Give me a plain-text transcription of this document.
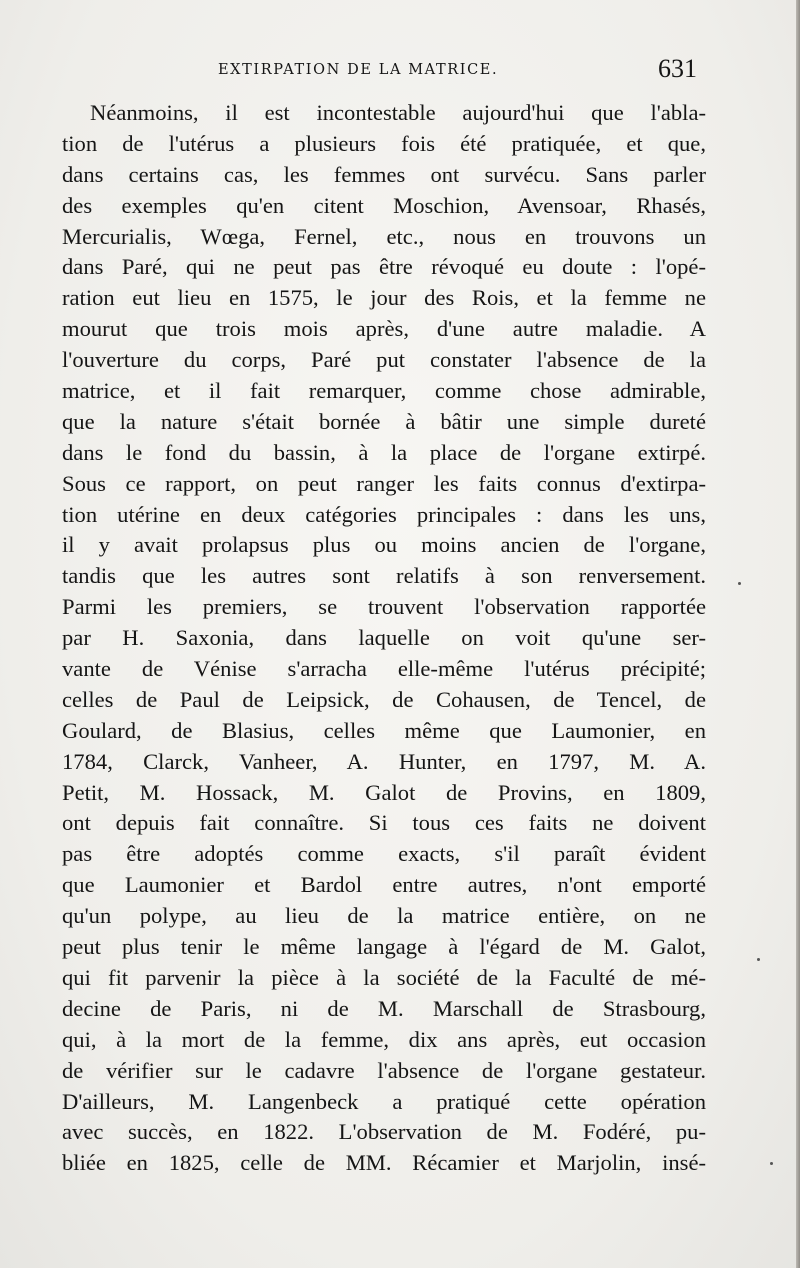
EXTIRPATION DE LA MATRICE.	631
Néanmoins, il est incontestable aujourd'hui que l'abla-
tion de l'utérus a plusieurs fois été pratiquée, et que,
dans certains cas, les femmes ont survécu. Sans parler
des exemples qu'en citent Moschion, Avensoar, Rhasés,
Mercurialis, Wœga, Fernel, etc., nous en trouvons un
dans Paré, qui ne peut pas être révoqué eu doute : l'opé-
ration eut lieu en 1575, le jour des Rois, et la femme ne
mourut que trois mois après, d'une autre maladie. A
l'ouverture du corps, Paré put constater l'absence de la
matrice, et il fait remarquer, comme chose admirable,
que la nature s'était bornée à bâtir une simple dureté
dans le fond du bassin, à la place de l'organe extirpé.
Sous ce rapport, on peut ranger les faits connus d'extirpa-
tion utérine en deux catégories principales : dans les uns,
il y avait prolapsus plus ou moins ancien de l'organe,
tandis que les autres sont relatifs à son renversement.
Parmi les premiers, se trouvent l'observation rapportée
par H. Saxonia, dans laquelle on voit qu'une ser-
vante de Vénise s'arracha elle-même l'utérus précipité;
celles de Paul de Leipsick, de Cohausen, de Tencel, de
Goulard, de Blasius, celles même que Laumonier, en
1784, Clarck, Vanheer, A. Hunter, en 1797, M. A.
Petit, M. Hossack, M. Galot de Provins, en 1809,
ont depuis fait connaître. Si tous ces faits ne doivent
pas être adoptés comme exacts, s'il paraît évident
que Laumonier et Bardol entre autres, n'ont emporté
qu'un polype, au lieu de la matrice entière, on ne
peut plus tenir le même langage à l'égard de M. Galot,
qui fit parvenir la pièce à la société de la Faculté de mé-
decine de Paris, ni de M. Marschall de Strasbourg,
qui, à la mort de la femme, dix ans après, eut occasion
de vérifier sur le cadavre l'absence de l'organe gestateur.
D'ailleurs, M. Langenbeck a pratiqué cette opération
avec succès, en 1822. L'observation de M. Fodéré, pu-
bliée en 1825, celle de MM. Récamier et Marjolin, insé-
